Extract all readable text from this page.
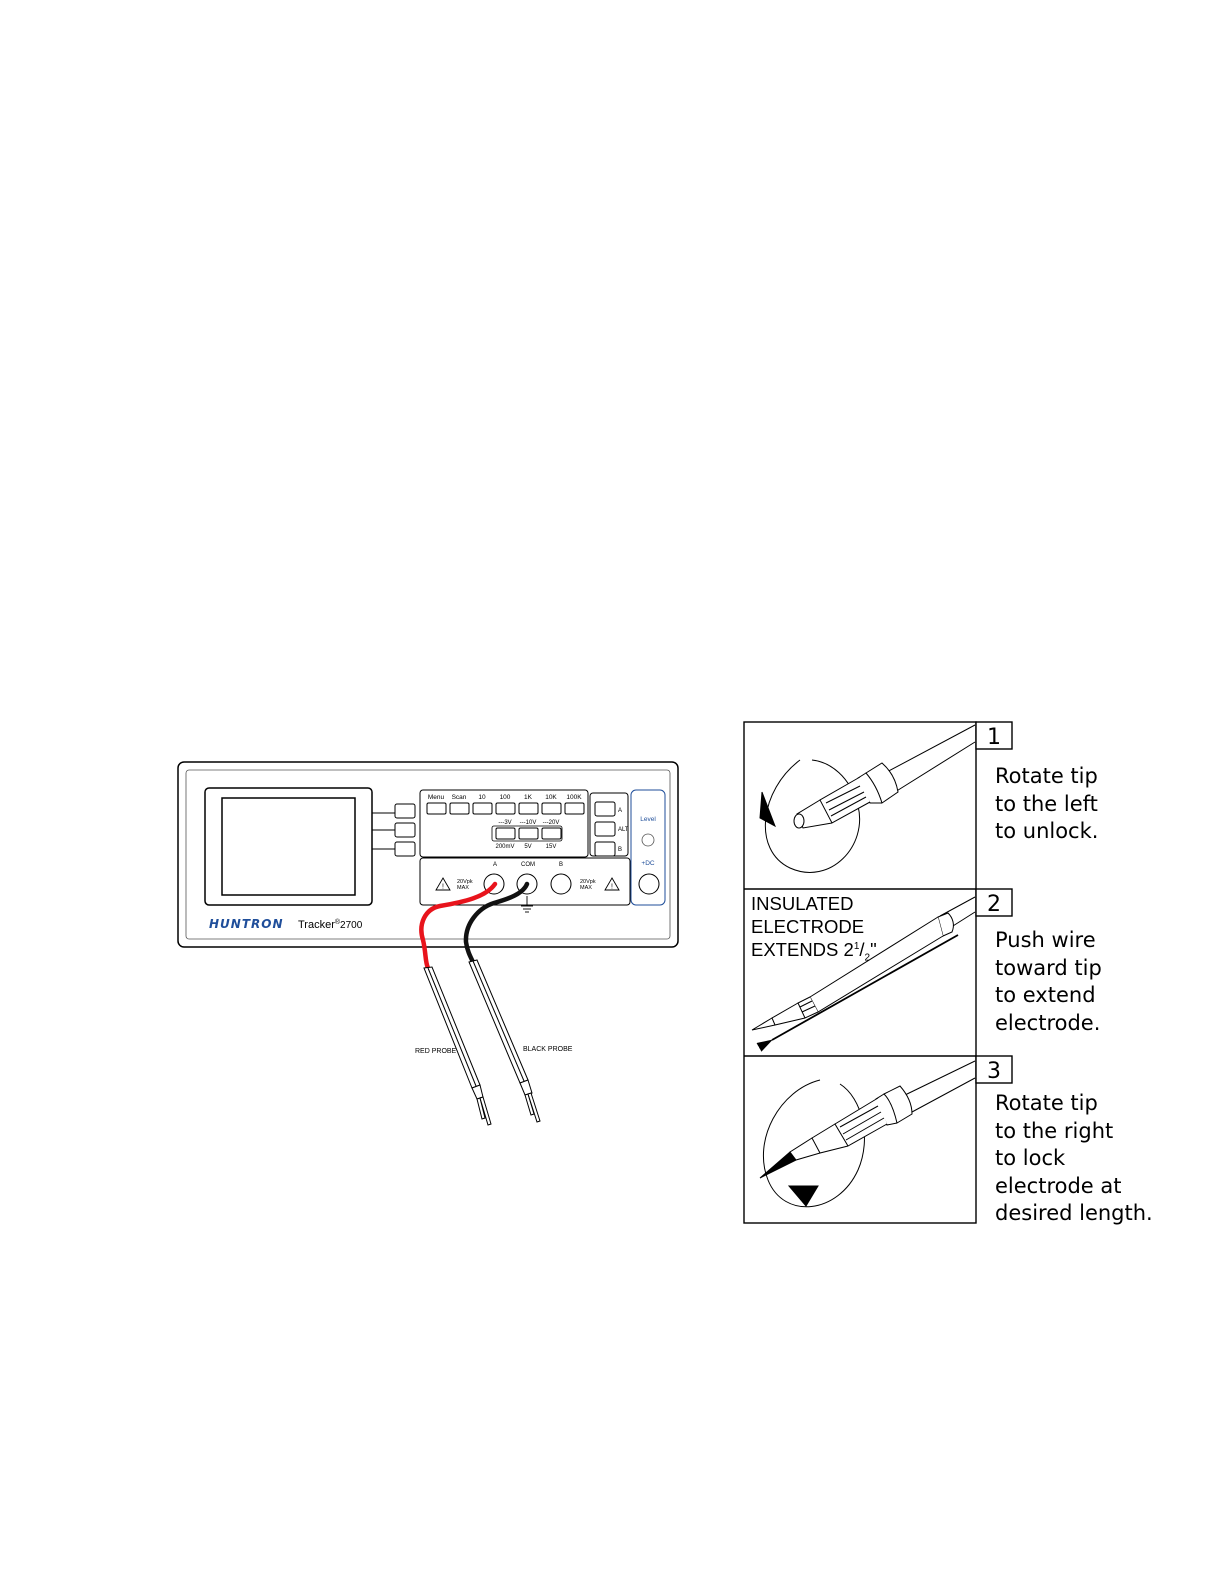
Menu Scan 10 100 1K 10K 100K
---3V ---10V ---20V
200mV 5V 15V
A
ALT
B
Level
+DC
A	COM	B
!
20Vpk
MAX
20Vpk
MAX	!
HUNTRON Tracker®2700
RED PROBE	BLACK PROBE
1
2
3
INSULATED
ELECTRODE
EXTENDS $2^1/_2$"

Rotate tip
to the left
to unlock.

Push wire
toward tip
to extend
electrode.

Rotate tip
to the right
to lock
electrode at
desired length.
